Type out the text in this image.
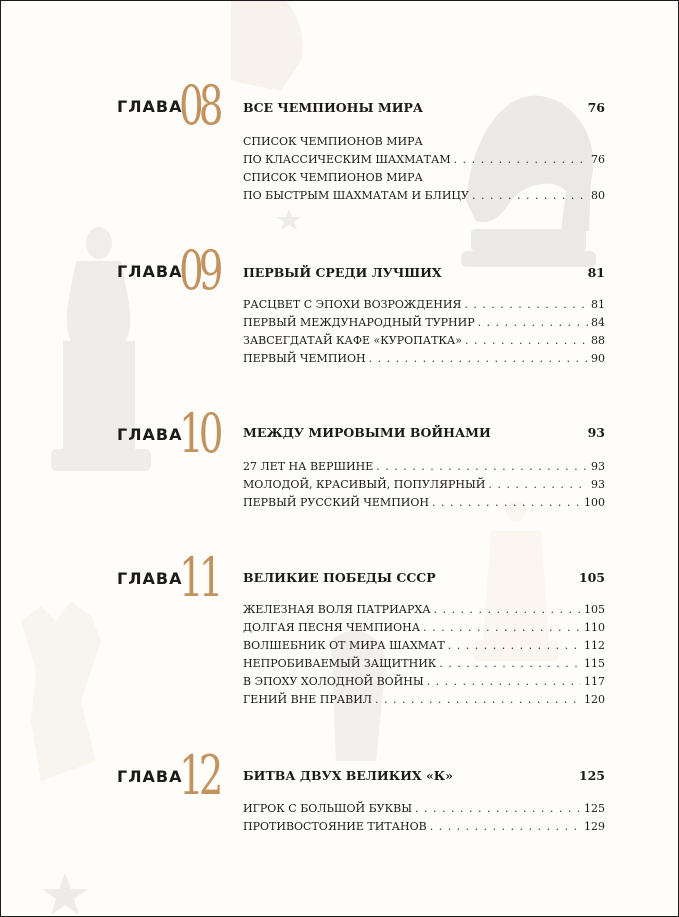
ГЛАВА
08 ВСЕ ЧЕМПИОНЫ МИРА	76
СПИСОК ЧЕМПИОНОВ МИРА
ПО КЛАССИЧЕСКИМ ШАХМАТАМ . . .	76
СПИСОК ЧЕМПИОНОВ МИРА
ПО БЫСТРЫМ ШАХМАТАМ И БЛИЦУ . . .	80
ГЛАВА
09 ПЕРВЫЙ СРЕДИ ЛУЧШИХ	81
РАСЦВЕТ С ЭПОХИ ВОЗРОЖДЕНИЯ . . .	81
ПЕРВЫЙ МЕЖДУНАРОДНЫЙ ТУРНИР . . .	84
ЗАВСЕГДАТАЙ КАФЕ «КУРОПАТКА» . . .	88
ПЕРВЫЙ ЧЕМПИОН . . .	90
ГЛАВА
10 МЕЖДУ МИРОВЫМИ ВОЙНАМИ	93
27 ЛЕТ НА ВЕРШИНЕ . . .	93
МОЛОДОЙ, КРАСИВЫЙ, ПОПУЛЯРНЫЙ . . .	93
ПЕРВЫЙ РУССКИЙ ЧЕМПИОН . . .	100
ГЛАВА
11 ВЕЛИКИЕ ПОБЕДЫ СССР	105
ЖЕЛЕЗНАЯ ВОЛЯ ПАТРИАРХА . . .	105
ДОЛГАЯ ПЕСНЯ ЧЕМПИОНА . . .	110
ВОЛШЕБНИК ОТ МИРА ШАХМАТ . . .	112
НЕПРОБИВАЕМЫЙ ЗАЩИТНИК . . .	115
В ЭПОХУ ХОЛОДНОЙ ВОЙНЫ . . .	117
ГЕНИЙ ВНЕ ПРАВИЛ . . .	120
ГЛАВА
12 БИТВА ДВУХ ВЕЛИКИХ «К»	125
ИГРОК С БОЛЬШОЙ БУКВЫ . . .	125
ПРОТИВОСТОЯНИЕ ТИТАНОВ . . .	129
